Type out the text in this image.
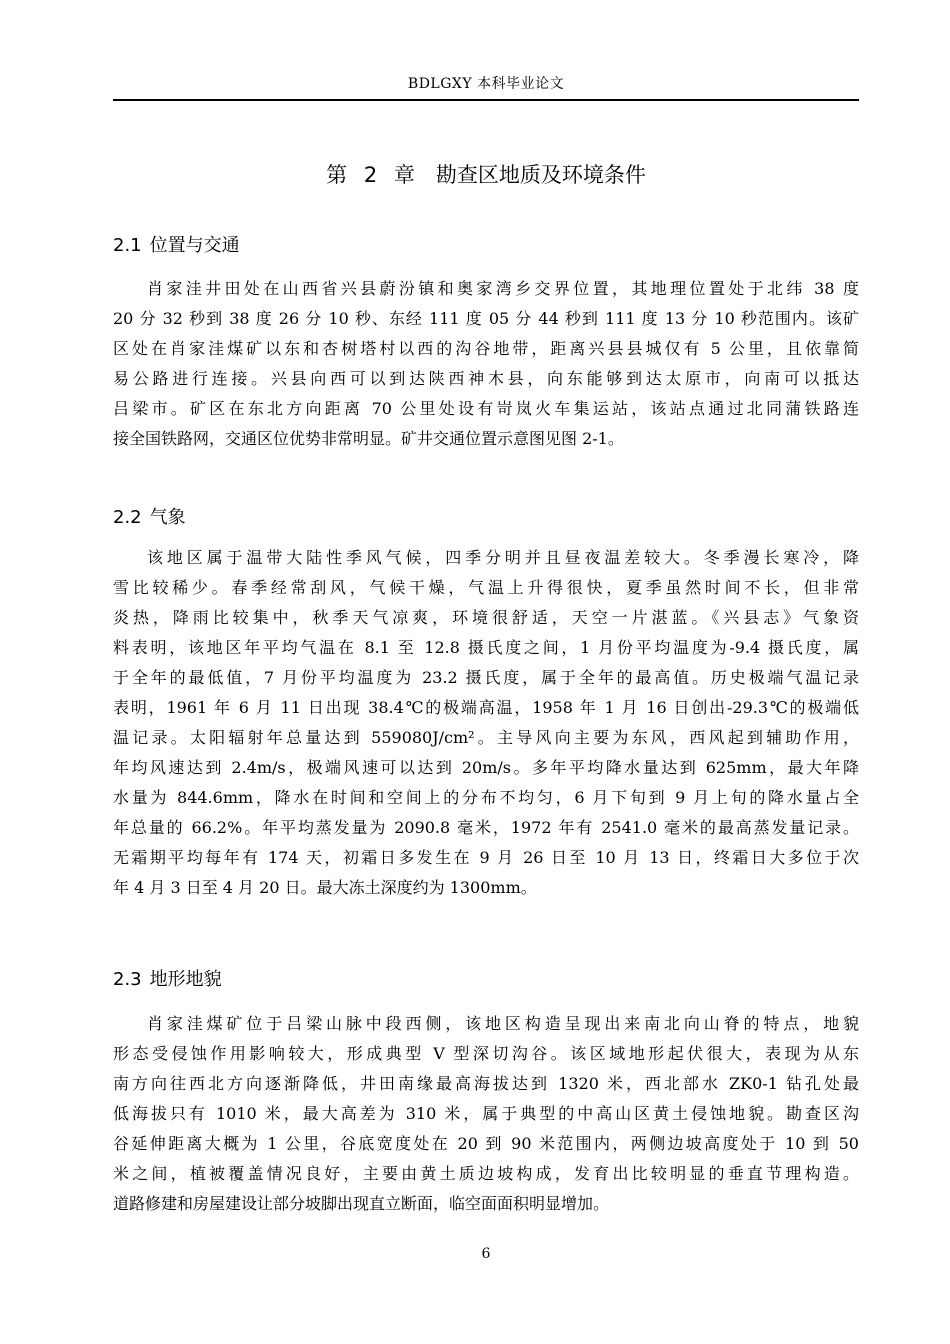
BDLGXY 本科毕业论文
第 2 章　勘查区地质及环境条件
2.1 位置与交通
肖家洼井田处在山西省兴县蔚汾镇和奥家湾乡交界位置，其地理位置处于北纬 38 度
20 分 32 秒到 38 度 26 分 10 秒、东经 111 度 05 分 44 秒到 111 度 13 分 10 秒范围内。该矿
区处在肖家洼煤矿以东和杏树塔村以西的沟谷地带，距离兴县县城仅有 5 公里，且依靠简
易公路进行连接。兴县向西可以到达陕西神木县，向东能够到达太原市，向南可以抵达
吕梁市。矿区在东北方向距离 70 公里处设有岢岚火车集运站，该站点通过北同蒲铁路连
接全国铁路网，交通区位优势非常明显。矿井交通位置示意图见图 2-1。
2.2 气象
该地区属于温带大陆性季风气候，四季分明并且昼夜温差较大。冬季漫长寒冷，降
雪比较稀少。春季经常刮风，气候干燥，气温上升得很快，夏季虽然时间不长，但非常
炎热，降雨比较集中，秋季天气凉爽，环境很舒适，天空一片湛蓝。《兴县志》气象资
料表明，该地区年平均气温在 8.1 至 12.8 摄氏度之间，1 月份平均温度为-9.4 摄氏度，属
于全年的最低值，7 月份平均温度为 23.2 摄氏度，属于全年的最高值。历史极端气温记录
表明，1961 年 6 月 11 日出现 38.4℃的极端高温，1958 年 1 月 16 日创出-29.3℃的极端低
温记录。太阳辐射年总量达到 559080J/cm²。主导风向主要为东风，西风起到辅助作用，
年均风速达到 2.4m/s，极端风速可以达到 20m/s。多年平均降水量达到 625mm，最大年降
水量为 844.6mm，降水在时间和空间上的分布不均匀，6 月下旬到 9 月上旬的降水量占全
年总量的 66.2%。年平均蒸发量为 2090.8 毫米，1972 年有 2541.0 毫米的最高蒸发量记录。
无霜期平均每年有 174 天，初霜日多发生在 9 月 26 日至 10 月 13 日，终霜日大多位于次
年 4 月 3 日至 4 月 20 日。最大冻土深度约为 1300mm。
2.3 地形地貌
肖家洼煤矿位于吕梁山脉中段西侧，该地区构造呈现出来南北向山脊的特点，地貌
形态受侵蚀作用影响较大，形成典型 V 型深切沟谷。该区域地形起伏很大，表现为从东
南方向往西北方向逐渐降低，井田南缘最高海拔达到 1320 米，西北部水 ZK0-1 钻孔处最
低海拔只有 1010 米，最大高差为 310 米，属于典型的中高山区黄土侵蚀地貌。勘查区沟
谷延伸距离大概为 1 公里，谷底宽度处在 20 到 90 米范围内，两侧边坡高度处于 10 到 50
米之间，植被覆盖情况良好，主要由黄土质边坡构成，发育出比较明显的垂直节理构造。
道路修建和房屋建设让部分坡脚出现直立断面，临空面面积明显增加。
6
